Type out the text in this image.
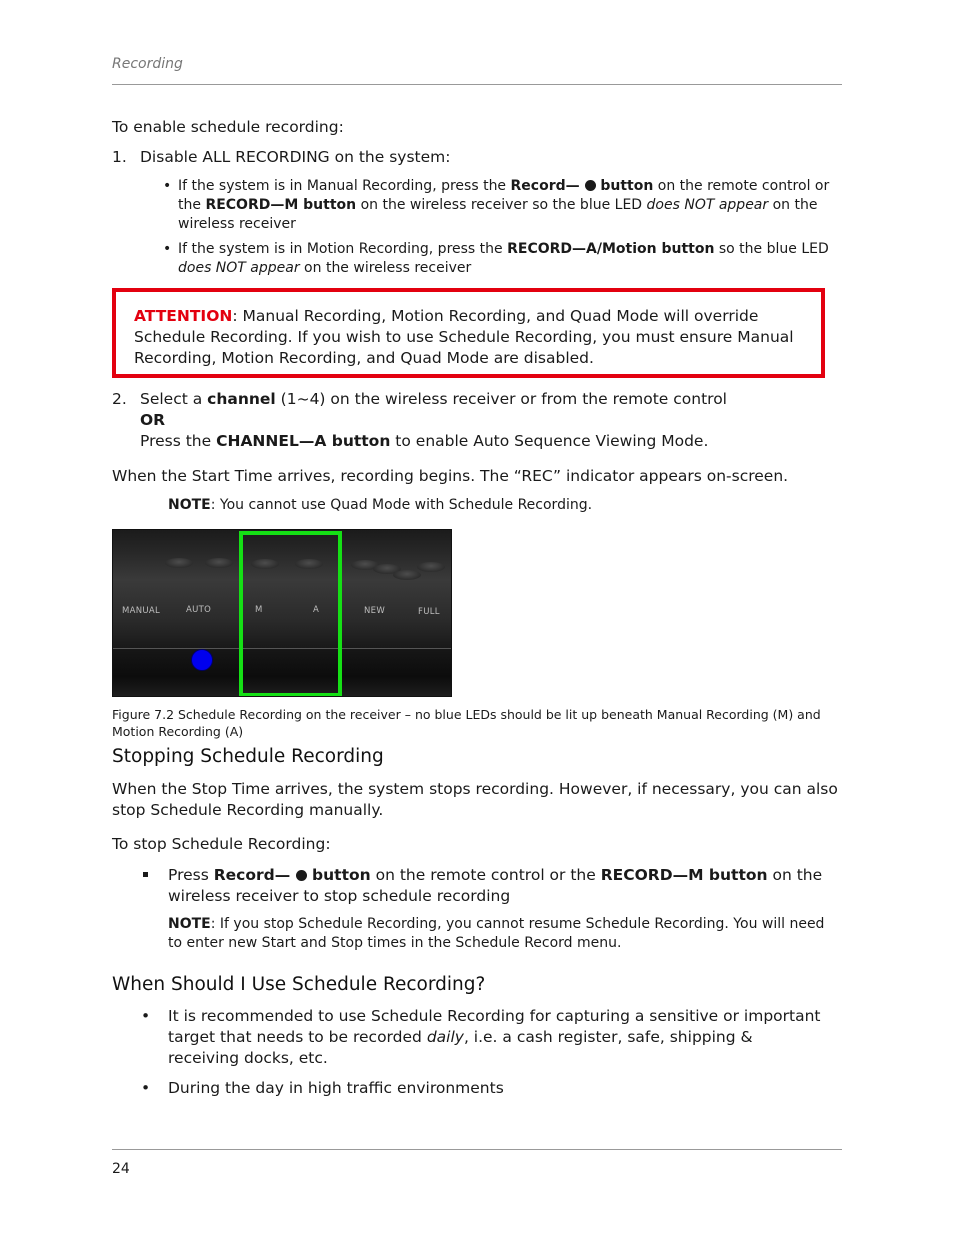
Recording
To enable schedule recording:
1. Disable ALL RECORDING on the system:
• If the system is in Manual Recording, press the Record—  button on the remote control or the RECORD—M button on the wireless receiver so the blue LED does NOT appear on the wireless receiver
• If the system is in Motion Recording, press the RECORD—A/Motion button so the blue LED does NOT appear on the wireless receiver
ATTENTION: Manual Recording, Motion Recording, and Quad Mode will override Schedule Recording. If you wish to use Schedule Recording, you must ensure Manual Recording, Motion Recording, and Quad Mode are disabled.
2. Select a channel (1~4) on the wireless receiver or from the remote control
OR
Press the CHANNEL—A button to enable Auto Sequence Viewing Mode.
When the Start Time arrives, recording begins. The “REC” indicator appears on-screen.
NOTE: You cannot use Quad Mode with Schedule Recording.
MANUAL	AUTO	M	A	NEW	FULL
Figure 7.2 Schedule Recording on the receiver – no blue LEDs should be lit up beneath Manual Recording (M) and Motion Recording (A)
Stopping Schedule Recording
When the Stop Time arrives, the system stops recording. However, if necessary, you can also stop Schedule Recording manually.
To stop Schedule Recording:
Press Record—  button on the remote control or the RECORD—M button on the wireless receiver to stop schedule recording
NOTE: If you stop Schedule Recording, you cannot resume Schedule Recording. You will need to enter new Start and Stop times in the Schedule Record menu.
When Should I Use Schedule Recording?
• It is recommended to use Schedule Recording for capturing a sensitive or important target that needs to be recorded daily, i.e. a cash register, safe, shipping & receiving docks, etc.
• During the day in high traffic environments
24
